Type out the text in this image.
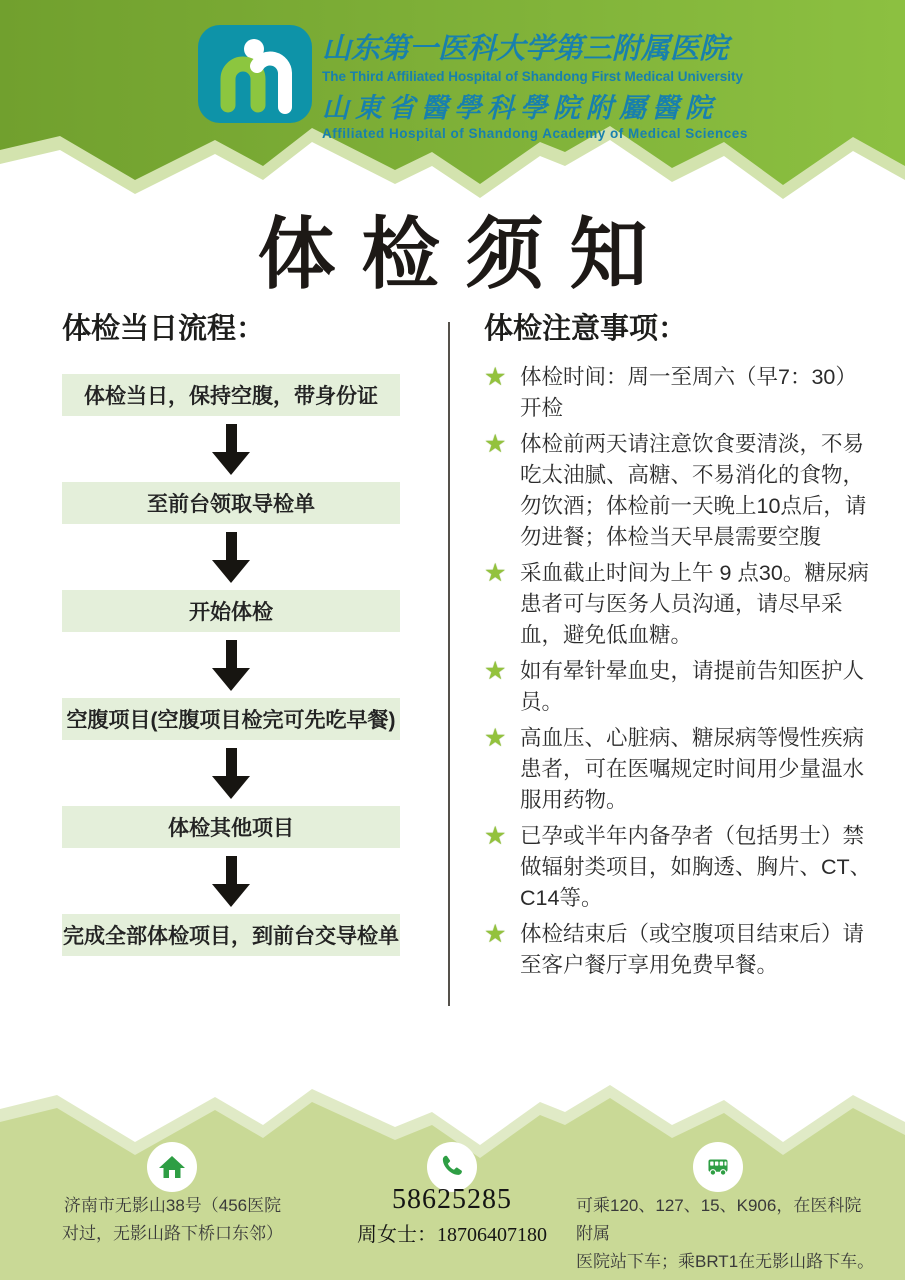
山东第一医科大学第三附属医院
The Third Affiliated Hospital of Shandong First Medical University
山東省醫學科學院附屬醫院
Affiliated Hospital of Shandong Academy of Medical Sciences
体检须知
体检当日流程：
体检当日，保持空腹，带身份证
至前台领取导检单
开始体检
空腹项目(空腹项目检完可先吃早餐)
体检其他项目
完成全部体检项目，到前台交导检单
体检注意事项：
★ 体检时间：周一至周六（早7：30）开检
★ 体检前两天请注意饮食要清淡，不易吃太油腻、高糖、不易消化的食物，勿饮酒；体检前一天晚上10点后，请勿进餐；体检当天早晨需要空腹
★ 采血截止时间为上午 9 点30。糖尿病患者可与医务人员沟通，请尽早采血，避免低血糖。
★ 如有晕针晕血史，请提前告知医护人员。
★ 高血压、心脏病、糖尿病等慢性疾病患者，可在医嘱规定时间用少量温水服用药物。
★ 已孕或半年内备孕者（包括男士）禁做辐射类项目，如胸透、胸片、CT、C14等。
★ 体检结束后（或空腹项目结束后）请至客户餐厅享用免费早餐。
济南市无影山38号（456医院
对过，无影山路下桥口东邻）
58625285
周女士：18706407180
可乘120、127、15、K906，在医科院附属
医院站下车；乘BRT1在无影山路下车。
